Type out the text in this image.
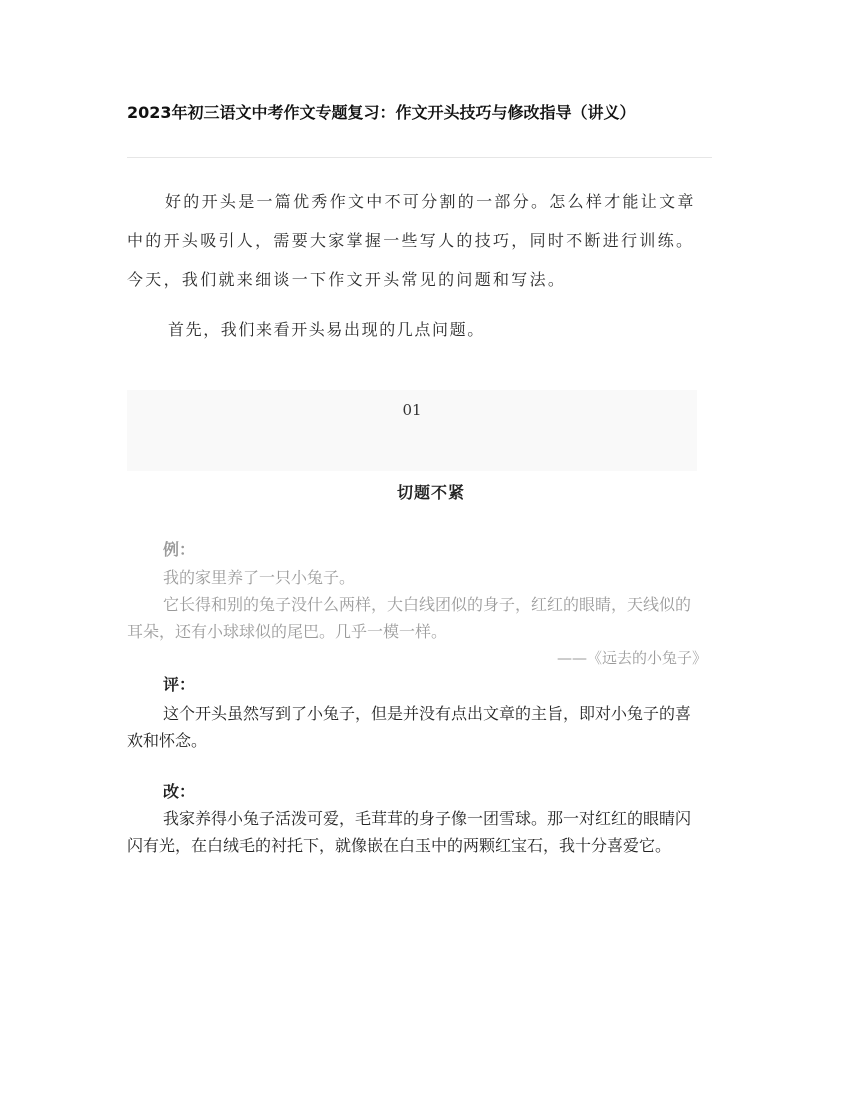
2023年初三语文中考作文专题复习：作文开头技巧与修改指导（讲义）

好的开头是一篇优秀作文中不可分割的一部分。怎么样才能让文章中的开头吸引人，需要大家掌握一些写人的技巧，同时不断进行训练。今天，我们就来细谈一下作文开头常见的问题和写法。

首先，我们来看开头易出现的几点问题。

01
切题不紧

例：

我的家里养了一只小兔子。

它长得和别的兔子没什么两样，大白线团似的身子，红红的眼睛，天线似的耳朵，还有小球球似的尾巴。几乎一模一样。

——《远去的小兔子》

评：

这个开头虽然写到了小兔子，但是并没有点出文章的主旨，即对小兔子的喜欢和怀念。

改：

我家养得小兔子活泼可爱，毛茸茸的身子像一团雪球。那一对红红的眼睛闪闪有光，在白绒毛的衬托下，就像嵌在白玉中的两颗红宝石，我十分喜爱它。
